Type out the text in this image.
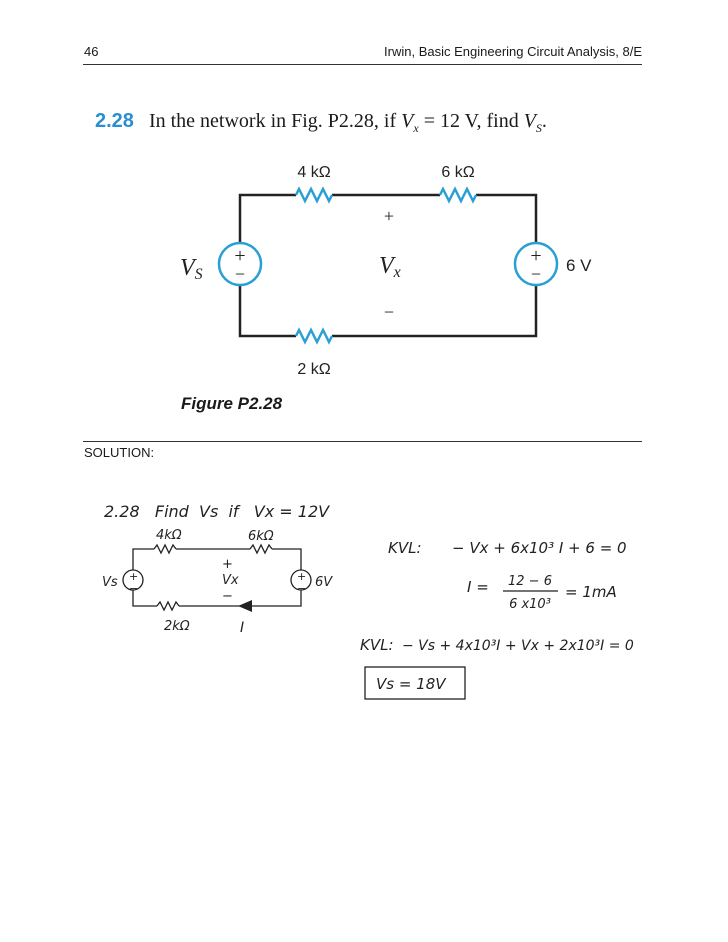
46	Irwin, Basic Engineering Circuit Analysis, 8/E
2.28 In the network in Fig. P2.28, if $V_x = 12$ V, find $V_S$.
4 kΩ	6 kΩ
2 kΩ
+
−
+
−
VS	6 V
+
Vx
−
Figure P2.28
SOLUTION:
2.28   Find  Vs  if   Vx = 12V
4kΩ	6kΩ
2kΩ
Vs +
−
+
− 6V
+
Vx
−
I
KVL: − Vx + 6x10³ I + 6 = 0
I = 12 − 6
6 x10³
= 1mA
KVL: − Vs + 4x10³I + Vx + 2x10³I = 0
Vs = 18V
